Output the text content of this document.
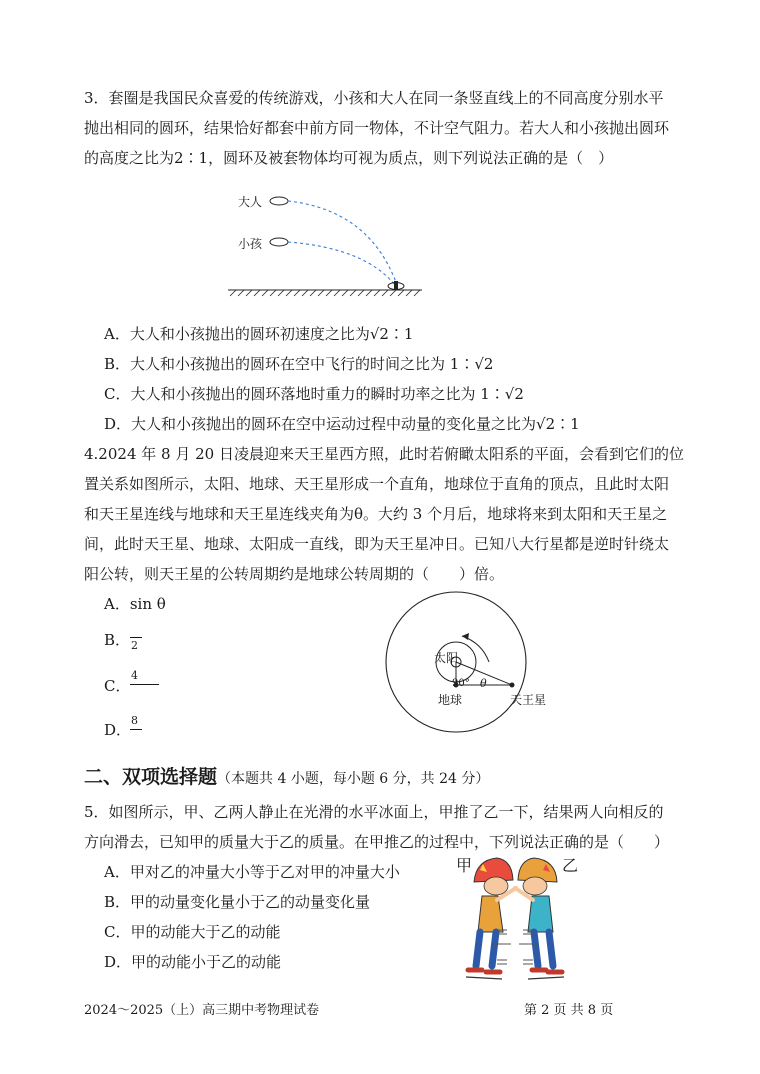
3．套圈是我国民众喜爱的传统游戏，小孩和大人在同一条竖直线上的不同高度分别水平
抛出相同的圆环，结果恰好都套中前方同一物体，不计空气阻力。若大人和小孩抛出圆环
的高度之比为2∶1，圆环及被套物体均可视为质点，则下列说法正确的是（　）
大人
小孩
A．大人和小孩抛出的圆环初速度之比为√2∶1
B．大人和小孩抛出的圆环在空中飞行的时间之比为 1∶√2
C．大人和小孩抛出的圆环落地时重力的瞬时功率之比为 1∶√2
D．大人和小孩抛出的圆环在空中运动过程中动量的变化量之比为√2∶1
4.2024 年 8 月 20 日凌晨迎来天王星西方照，此时若俯瞰太阳系的平面，会看到它们的位
置关系如图所示，太阳、地球、天王星形成一个直角，地球位于直角的顶点，且此时太阳
和天王星连线与地球和天王星连线夹角为θ。大约 3 个月后，地球将来到太阳和天王星之
间，此时天王星、地球、太阳成一直线，即为天王星冲日。已知八大行星都是逆时针绕太
阳公转，则天王星的公转周期约是地球公转周期的（　　）倍。
A．sin θ
B． 2
C．
4
D．
8
太阳
90° θ
地球	天王星
二、双项选择题（本题共 4 小题，每小题 6 分，共 24 分）
5．如图所示，甲、乙两人静止在光滑的水平冰面上，甲推了乙一下，结果两人向相反的
方向滑去，已知甲的质量大于乙的质量。在甲推乙的过程中，下列说法正确的是（　　）
A．甲对乙的冲量大小等于乙对甲的冲量大小
B．甲的动量变化量小于乙的动量变化量
C．甲的动能大于乙的动能
D．甲的动能小于乙的动能
甲	乙
2024～2025（上）高三期中考物理试卷	第 2 页 共 8 页
